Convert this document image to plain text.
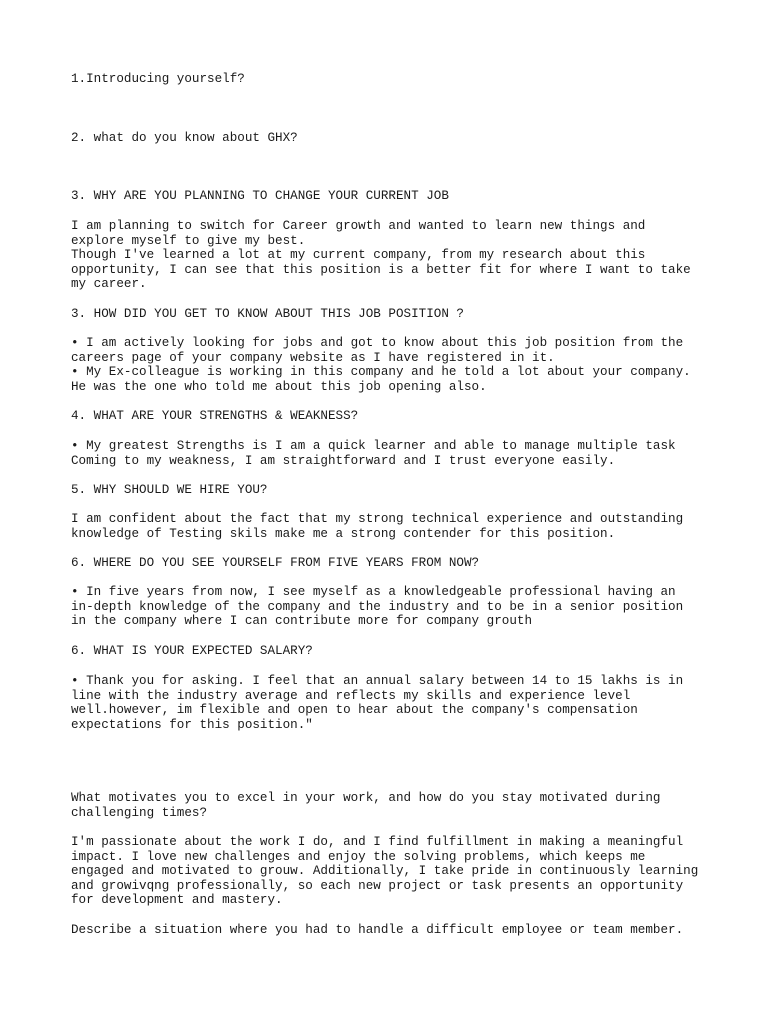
1.Introducing yourself?

2. what do you know about GHX?

3. WHY ARE YOU PLANNING TO CHANGE YOUR CURRENT JOB

I am planning to switch for Career growth and wanted to learn new things and
explore myself to give my best.
Though I've learned a lot at my current company, from my research about this
opportunity, I can see that this position is a better fit for where I want to take
my career.

3. HOW DID YOU GET TO KNOW ABOUT THIS JOB POSITION ?

• I am actively looking for jobs and got to know about this job position from the
careers page of your company website as I have registered in it.
• My Ex-colleague is working in this company and he told a lot about your company.
He was the one who told me about this job opening also.

4. WHAT ARE YOUR STRENGTHS & WEAKNESS?

• My greatest Strengths is I am a quick learner and able to manage multiple task
Coming to my weakness, I am straightforward and I trust everyone easily.

5. WHY SHOULD WE HIRE YOU?

I am confident about the fact that my strong technical experience and outstanding
knowledge of Testing skils make me a strong contender for this position.

6. WHERE DO YOU SEE YOURSELF FROM FIVE YEARS FROM NOW?

• In five years from now, I see myself as a knowledgeable professional having an
in-depth knowledge of the company and the industry and to be in a senior position
in the company where I can contribute more for company grouth

6. WHAT IS YOUR EXPECTED SALARY?

• Thank you for asking. I feel that an annual salary between 14 to 15 lakhs is in
line with the industry average and reflects my skills and experience level
well.however, im flexible and open to hear about the company's compensation
expectations for this position."

What motivates you to excel in your work, and how do you stay motivated during
challenging times?

I'm passionate about the work I do, and I find fulfillment in making a meaningful
impact. I love new challenges and enjoy the solving problems, which keeps me
engaged and motivated to grouw. Additionally, I take pride in continuously learning
and growivqng professionally, so each new project or task presents an opportunity
for development and mastery.

Describe a situation where you had to handle a difficult employee or team member.
